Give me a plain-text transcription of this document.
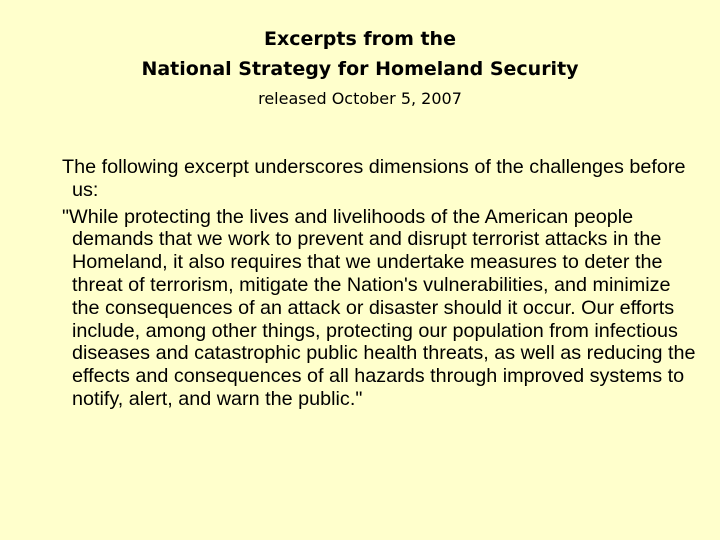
Excerpts from the
National Strategy for Homeland Security
released October 5, 2007

The following excerpt underscores dimensions of the challenges before us:

"While protecting the lives and livelihoods of the American people demands that we work to prevent and disrupt terrorist attacks in the Homeland, it also requires that we undertake measures to deter the threat of terrorism, mitigate the Nation's vulnerabilities, and minimize the consequences of an attack or disaster should it occur. Our efforts include, among other things, protecting our population from infectious diseases and catastrophic public health threats, as well as reducing the effects and consequences of all hazards through improved systems to notify, alert, and warn the public."
